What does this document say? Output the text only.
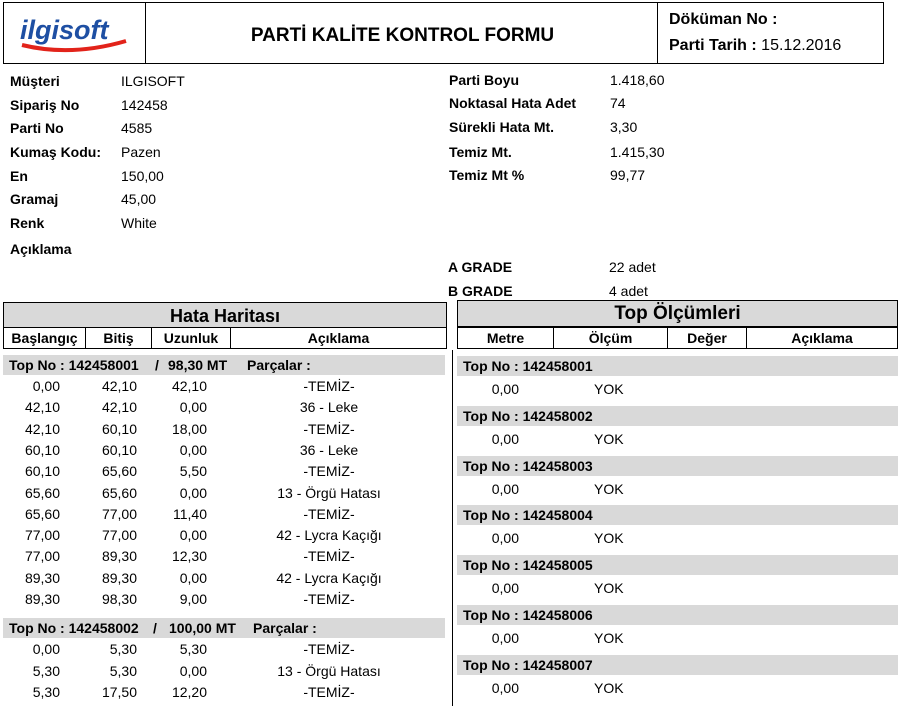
ilgisoft	PARTİ KALİTE KONTROL FORMU
Döküman No :
Parti Tarih : 15.12.2016
Müşteri	ILGISOFT
Sipariş No	142458
Parti No	4585
Kumaş Kodu: Pazen
En	150,00
Gramaj	45,00
Renk	White
Açıklama
Parti Boyu	1.418,60
Noktasal Hata Adet 74
Sürekli Hata Mt.	3,30
Temiz Mt.	1.415,30
Temiz Mt %	99,77
A GRADE	22 adet
B GRADE	4 adet
Hata Haritası
Başlangıç	Bitiş	Uzunluk	Açıklama
Top No : 142458001 / 98,30 MT Parçalar :
0,00	42,10 42,10	-TEMİZ-
42,10	42,10	0,00	36 - Leke
42,10	60,10 18,00	-TEMİZ-
60,10	60,10	0,00	36 - Leke
60,10	65,60	5,50	-TEMİZ-
65,60	65,60	0,00	13 - Örgü Hatası
65,60	77,00	11,40	-TEMİZ-
77,00	77,00	0,00	42 - Lycra Kaçığı
77,00	89,30 12,30	-TEMİZ-
89,30	89,30	0,00	42 - Lycra Kaçığı
89,30	98,30	9,00	-TEMİZ-
Top No : 142458002 / 100,00 MT Parçalar :
0,00	5,30	5,30	-TEMİZ-
5,30	5,30	0,00	13 - Örgü Hatası
5,30	17,50 12,20	-TEMİZ-
Top Ölçümleri
Metre	Ölçüm	Değer	Açıklama
Top No : 142458001
0,00	YOK
Top No : 142458002
0,00	YOK
Top No : 142458003
0,00	YOK
Top No : 142458004
0,00	YOK
Top No : 142458005
0,00	YOK
Top No : 142458006
0,00	YOK
Top No : 142458007
0,00	YOK
